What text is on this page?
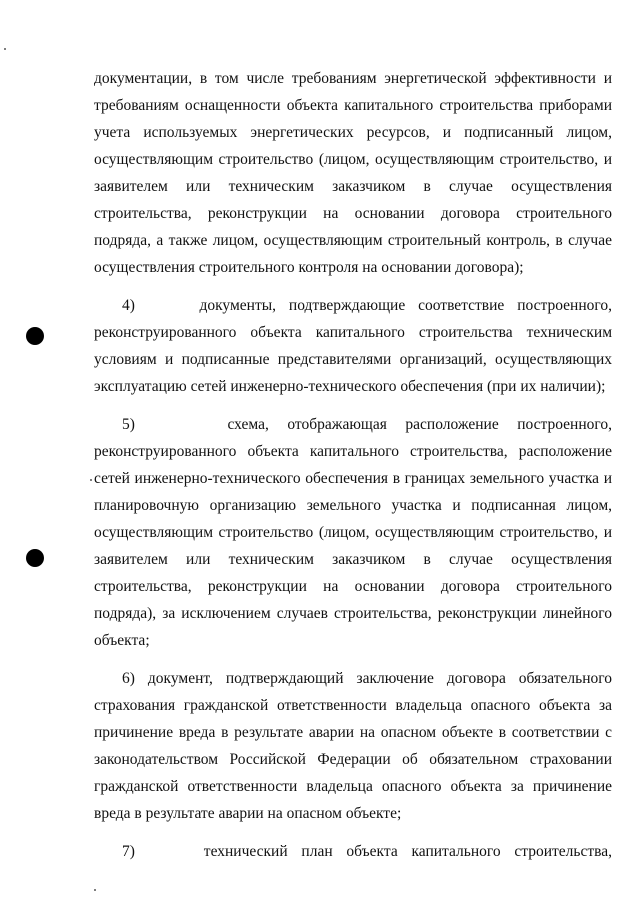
документации, в том числе требованиям энергетической эффективности и
требованиям оснащенности объекта капитального строительства приборами
учета используемых энергетических ресурсов, и подписанный лицом,
осуществляющим строительство (лицом, осуществляющим строительство, и
заявителем или техническим заказчиком в случае осуществления
строительства, реконструкции на основании договора строительного
подряда, а также лицом, осуществляющим строительный контроль, в случае
осуществления строительного контроля на основании договора);
4)     документы, подтверждающие соответствие построенного,
реконструированного объекта капитального строительства техническим
условиям и подписанные представителями организаций, осуществляющих
эксплуатацию сетей инженерно-технического обеспечения (при их наличии);
5)     схема, отображающая расположение построенного,
реконструированного объекта капитального строительства, расположение
сетей инженерно-технического обеспечения в границах земельного участка и
планировочную организацию земельного участка и подписанная лицом,
осуществляющим строительство (лицом, осуществляющим строительство, и
заявителем или техническим заказчиком в случае осуществления
строительства, реконструкции на основании договора строительного
подряда), за исключением случаев строительства, реконструкции линейного
объекта;
6) документ, подтверждающий заключение договора обязательного
страхования гражданской ответственности владельца опасного объекта за
причинение вреда в результате аварии на опасном объекте в соответствии с
законодательством Российской Федерации об обязательном страховании
гражданской ответственности владельца опасного объекта за причинение
вреда в результате аварии на опасном объекте;
7)     технический план объекта капитального строительства,
